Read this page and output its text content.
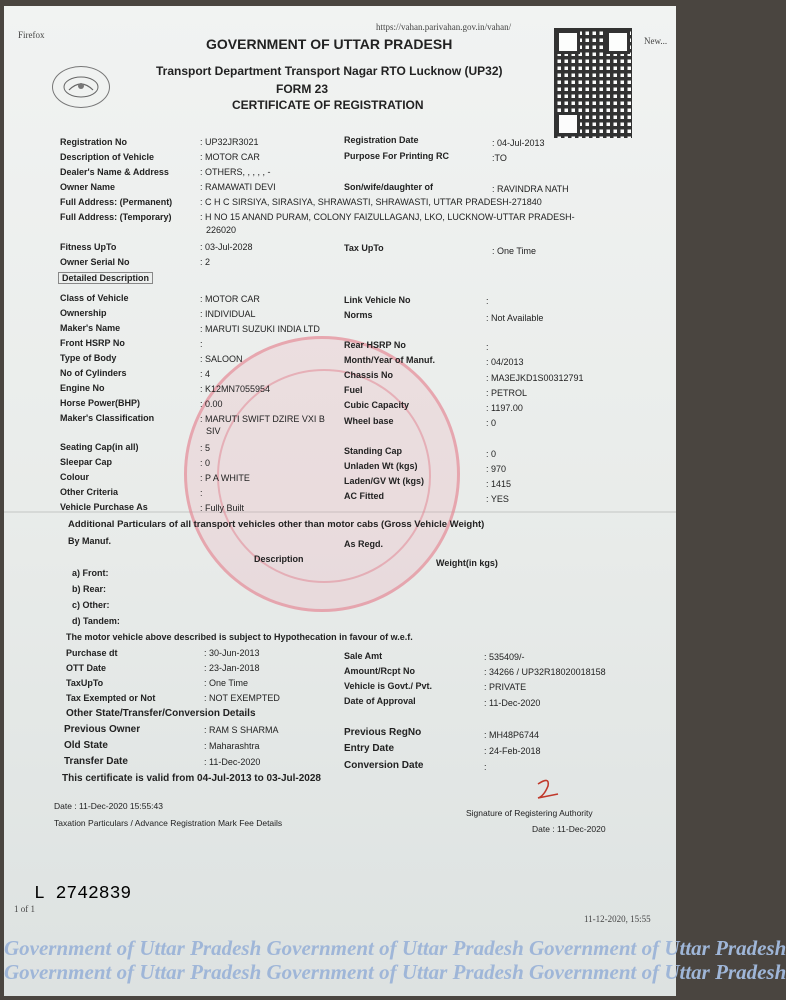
Firefox
https://vahan.parivahan.gov.in/vahan/
New...
GOVERNMENT OF UTTAR PRADESH
Transport Department Transport Nagar RTO Lucknow (UP32)
FORM 23
CERTIFICATE OF REGISTRATION
Registration No	: UP32JR3021	Registration Date	: 04-Jul-2013
Description of Vehicle	: MOTOR CAR	Purpose For Printing RC	:TO
Dealer's Name & Address	: OTHERS, , , , , -
Owner Name	: RAMAWATI DEVI	Son/wife/daughter of	: RAVINDRA NATH
Full Address: (Permanent)	: C H C SIRSIYA, SIRASIYA, SHRAWASTI, SHRAWASTI, UTTAR PRADESH-271840
Full Address: (Temporary)	: H NO 15 ANAND PURAM, COLONY FAIZULLAGANJ, LKO, LUCKNOW-UTTAR PRADESH-
226020
Fitness UpTo	: 03-Jul-2028	Tax UpTo	: One Time
Owner Serial No	: 2
Detailed Description
Class of Vehicle	: MOTOR CAR	Link Vehicle No	:
Ownership	: INDIVIDUAL	Norms	: Not Available
Maker's Name	: MARUTI SUZUKI INDIA LTD
Front HSRP No	:	Rear HSRP No	:
Type of Body	: SALOON	Month/Year of Manuf.	: 04/2013
No of Cylinders	: 4	Chassis No	: MA3EJKD1S00312791
Engine No	: K12MN7055954	Fuel	: PETROL
Horse Power(BHP)	: 0.00	Cubic Capacity	: 1197.00
Maker's Classification	: MARUTI SWIFT DZIRE VXI B
SIV
Wheel base	: 0
Seating Cap(in all)	: 5	Standing Cap	: 0
Sleepar Cap	: 0	Unladen Wt (kgs)	: 970
Colour	: P A WHITE	Laden/GV Wt (kgs)	: 1415
Other Criteria	:	AC Fitted	: YES
Vehicle Purchase As	: Fully Built
Additional Particulars of all transport vehicles other than motor cabs (Gross Vehicle Weight)
By Manuf.	As Regd.
Description	Weight(in kgs)
a) Front:
b) Rear:
c) Other:
d) Tandem:
The motor vehicle above described is subject to Hypothecation in favour of w.e.f.
Purchase dt	: 30-Jun-2013	Sale Amt	: 535409/-
OTT Date	: 23-Jan-2018	Amount/Rcpt No	: 34266 / UP32R18020018158
TaxUpTo	: One Time	Vehicle is Govt./ Pvt.	: PRIVATE
Tax Exempted or Not	: NOT EXEMPTED	Date of Approval	: 11-Dec-2020
Other State/Transfer/Conversion Details
Previous Owner	: RAM S SHARMA	Previous RegNo	: MH48P6744
Old State	: Maharashtra	Entry Date	: 24-Feb-2018
Transfer Date	: 11-Dec-2020	Conversion Date	:
This certificate is valid from 04-Jul-2013 to 03-Jul-2028
Date : 11-Dec-2020 15:55:43
Taxation Particulars / Advance Registration Mark Fee Details
Signature of Registering Authority
Date : 11-Dec-2020
L 2742839
1 of 1
11-12-2020, 15:55
Government of Uttar Pradesh Government of Uttar Pradesh Government of Uttar Pradesh
Government of Uttar Pradesh Government of Uttar Pradesh Government of Uttar Pradesh
